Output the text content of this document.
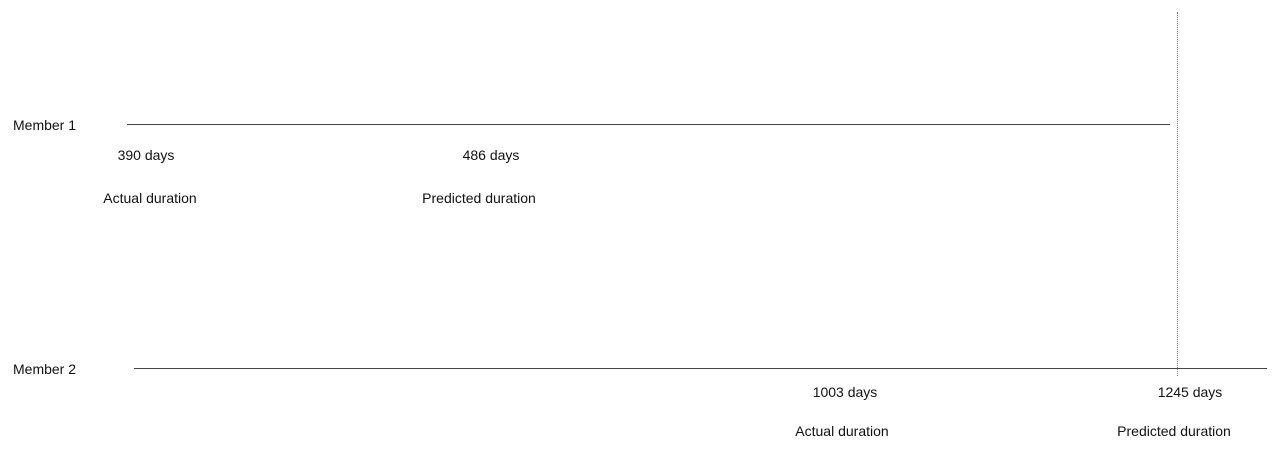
Member 1
390 days
Actual duration
486 days
Predicted duration
Member 2
1003 days
Actual duration
1245 days
Predicted duration
